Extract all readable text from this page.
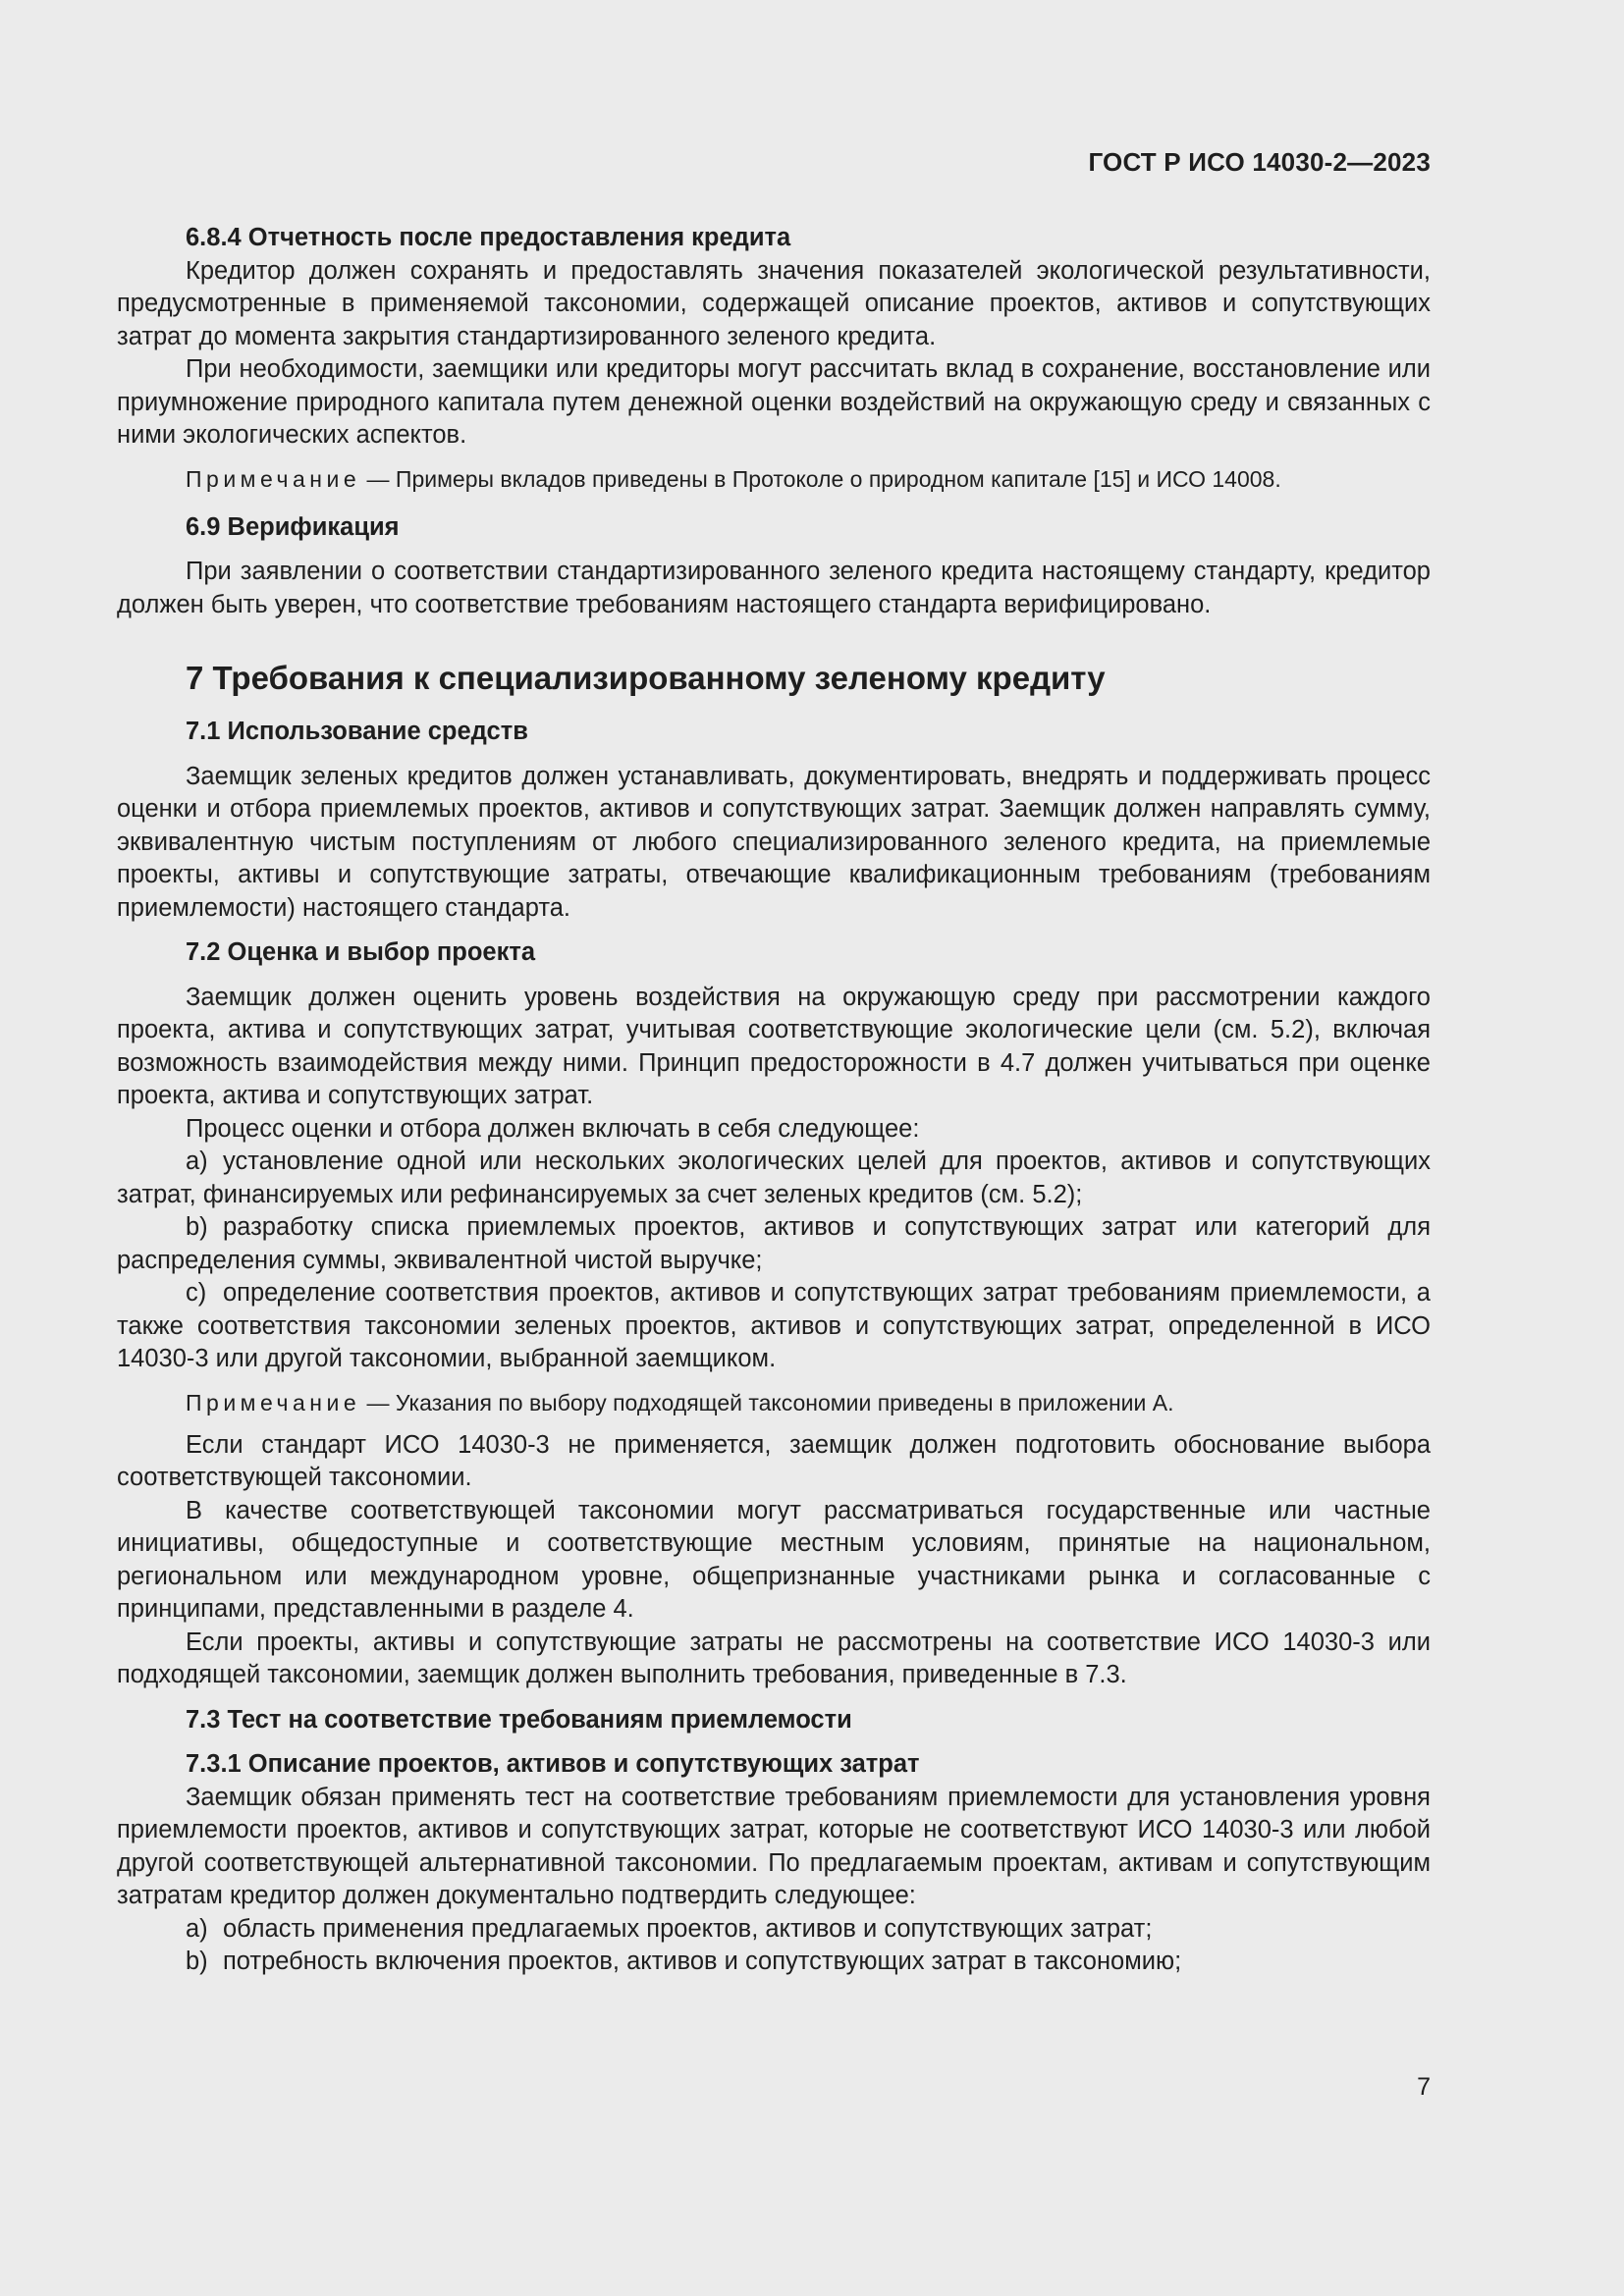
ГОСТ Р ИСО 14030-2—2023
6.8.4 Отчетность после предоставления кредита

Кредитор должен сохранять и предоставлять значения показателей экологической результативности, предусмотренные в применяемой таксономии, содержащей описание проектов, активов и сопутствующих затрат до момента закрытия стандартизированного зеленого кредита.

При необходимости, заемщики или кредиторы могут рассчитать вклад в сохранение, восстановление или приумножение природного капитала путем денежной оценки воздействий на окружающую среду и связанных с ними экологических аспектов.

Примечание — Примеры вкладов приведены в Протоколе о природном капитале [15] и ИСО 14008.
6.9 Верификация

При заявлении о соответствии стандартизированного зеленого кредита настоящему стандарту, кредитор должен быть уверен, что соответствие требованиям настоящего стандарта верифицировано.

7 Требования к специализированному зеленому кредиту
7.1 Использование средств

Заемщик зеленых кредитов должен устанавливать, документировать, внедрять и поддерживать процесс оценки и отбора приемлемых проектов, активов и сопутствующих затрат. Заемщик должен направлять сумму, эквивалентную чистым поступлениям от любого специализированного зеленого кредита, на приемлемые проекты, активы и сопутствующие затраты, отвечающие квалификационным требованиям (требованиям приемлемости) настоящего стандарта.

7.2 Оценка и выбор проекта

Заемщик должен оценить уровень воздействия на окружающую среду при рассмотрении каждого проекта, актива и сопутствующих затрат, учитывая соответствующие экологические цели (см. 5.2), включая возможность взаимодействия между ними. Принцип предосторожности в 4.7 должен учитываться при оценке проекта, актива и сопутствующих затрат.

Процесс оценки и отбора должен включать в себя следующее:

a) установление одной или нескольких экологических целей для проектов, активов и сопутствующих затрат, финансируемых или рефинансируемых за счет зеленых кредитов (см. 5.2);

b) разработку списка приемлемых проектов, активов и сопутствующих затрат или категорий для распределения суммы, эквивалентной чистой выручке;

c) определение соответствия проектов, активов и сопутствующих затрат требованиям приемлемости, а также соответствия таксономии зеленых проектов, активов и сопутствующих затрат, определенной в ИСО 14030-3 или другой таксономии, выбранной заемщиком.

Примечание — Указания по выбору подходящей таксономии приведены в приложении А.

Если стандарт ИСО 14030-3 не применяется, заемщик должен подготовить обоснование выбора соответствующей таксономии.

В качестве соответствующей таксономии могут рассматриваться государственные или частные инициативы, общедоступные и соответствующие местным условиям, принятые на национальном, региональном или международном уровне, общепризнанные участниками рынка и согласованные с принципами, представленными в разделе 4.

Если проекты, активы и сопутствующие затраты не рассмотрены на соответствие ИСО 14030-3 или подходящей таксономии, заемщик должен выполнить требования, приведенные в 7.3.

7.3 Тест на соответствие требованиям приемлемости
7.3.1 Описание проектов, активов и сопутствующих затрат

Заемщик обязан применять тест на соответствие требованиям приемлемости для установления уровня приемлемости проектов, активов и сопутствующих затрат, которые не соответствуют ИСО 14030-3 или любой другой соответствующей альтернативной таксономии. По предлагаемым проектам, активам и сопутствующим затратам кредитор должен документально подтвердить следующее:

a) область применения предлагаемых проектов, активов и сопутствующих затрат;

b) потребность включения проектов, активов и сопутствующих затрат в таксономию;

7
